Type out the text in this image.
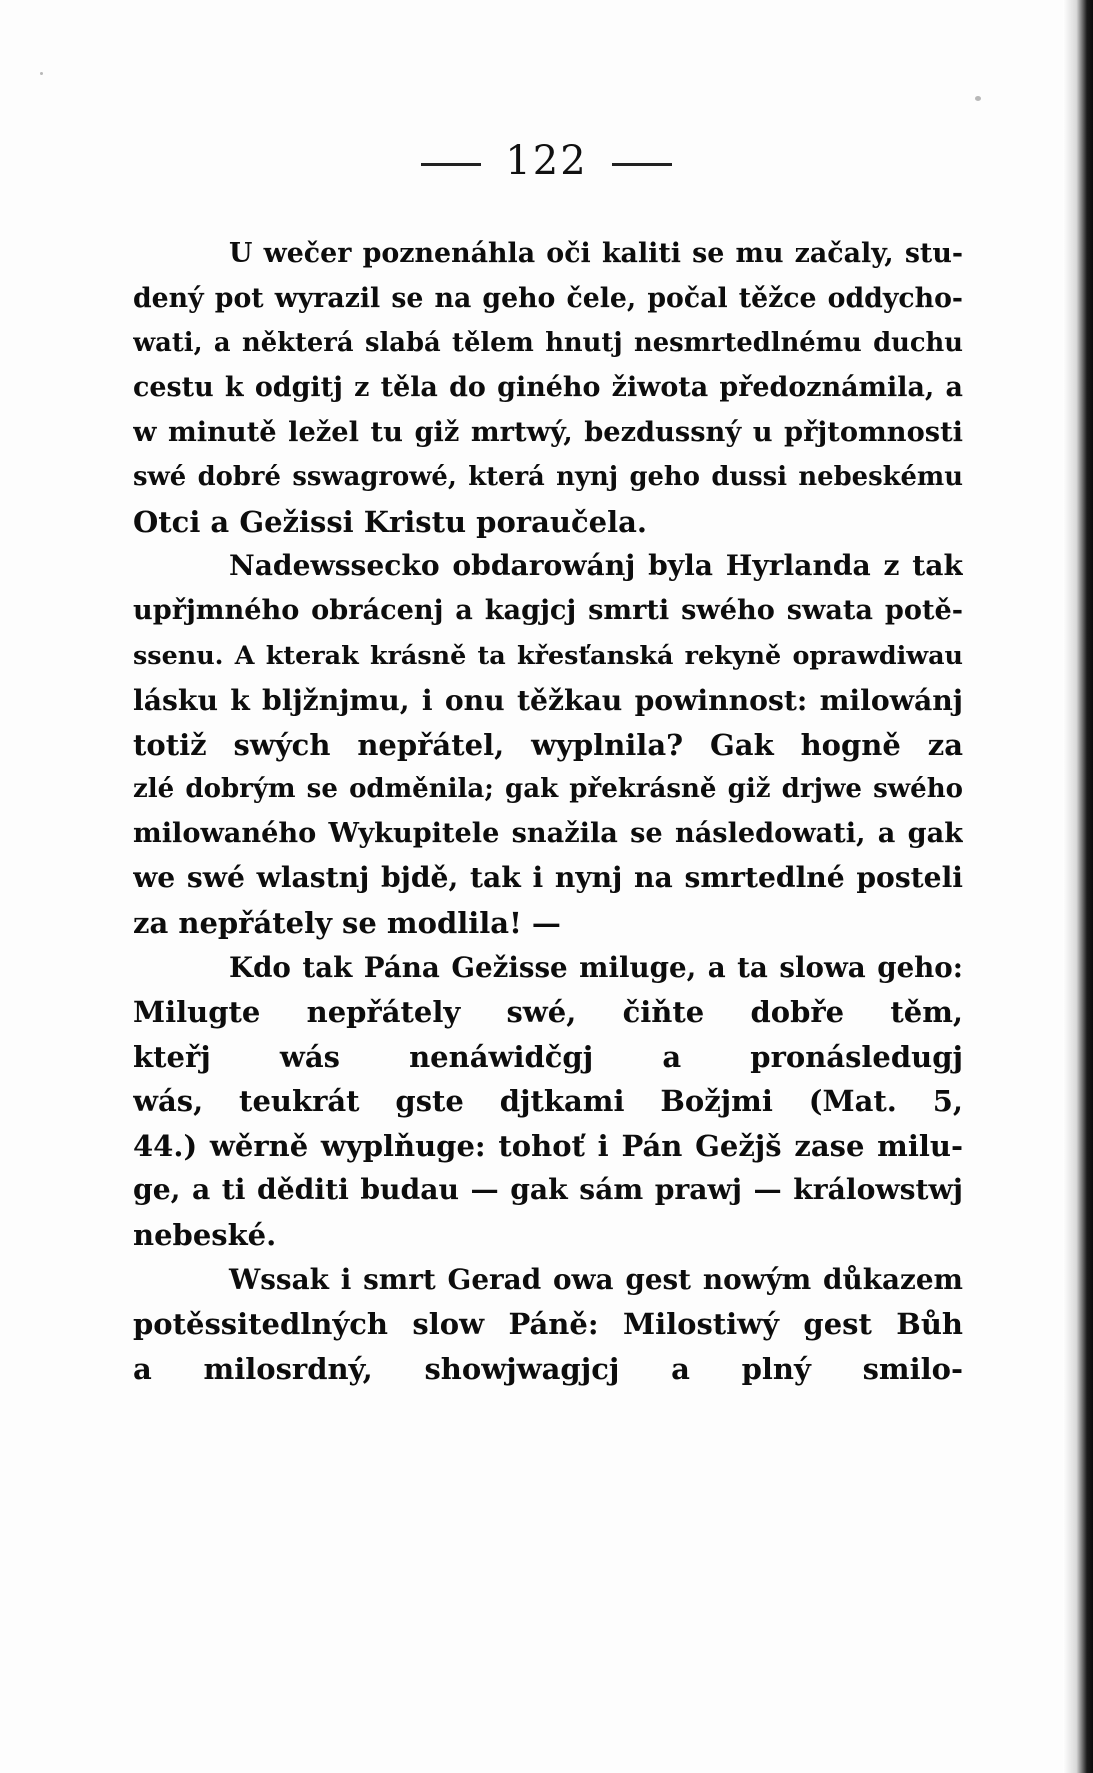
122
U wečer poznenáhla oči kaliti se mu začaly, stu-
dený pot wyrazil se na geho čele, počal těžce oddycho-
wati, a některá slabá tělem hnutj nesmrtedlnému duchu
cestu k odgitj z těla do giného žiwota předoznámila, a
w minutě ležel tu giž mrtwý, bezdussný u přjtomnosti
swé dobré sswagrowé, která nynj geho dussi nebeskému
Otci a Gežissi Kristu poraučela.
Nadewssecko obdarowánj byla Hyrlanda z tak
upřjmného obrácenj a kagjcj smrti swého swata potě-
ssenu. A kterak krásně ta křesťanská rekyně oprawdiwau
lásku k bljžnjmu, i onu těžkau powinnost: milowánj
totiž swých nepřátel, wyplnila? Gak hogně za
zlé dobrým se odměnila; gak překrásně giž drjwe swého
milowaného Wykupitele snažila se následowati, a gak
we swé wlastnj bjdě, tak i nynj na smrtedlné posteli
za nepřátely se modlila! —
Kdo tak Pána Gežisse miluge, a ta slowa geho:
Milugte nepřátely swé, čiňte dobře těm,
kteřj wás nenáwidčgj a pronásledugj
wás, teukrát gste djtkami Božjmi (Mat. 5,
44.) wěrně wyplňuge: tohoť i Pán Gežjš zase milu-
ge, a ti děditi budau — gak sám prawj — králowstwj
nebeské.
Wssak i smrt Gerad owa gest nowým důkazem
potěssitedlných slow Páně: Milostiwý gest Bůh
a milosrdný, showjwagjcj a plný smilo-
